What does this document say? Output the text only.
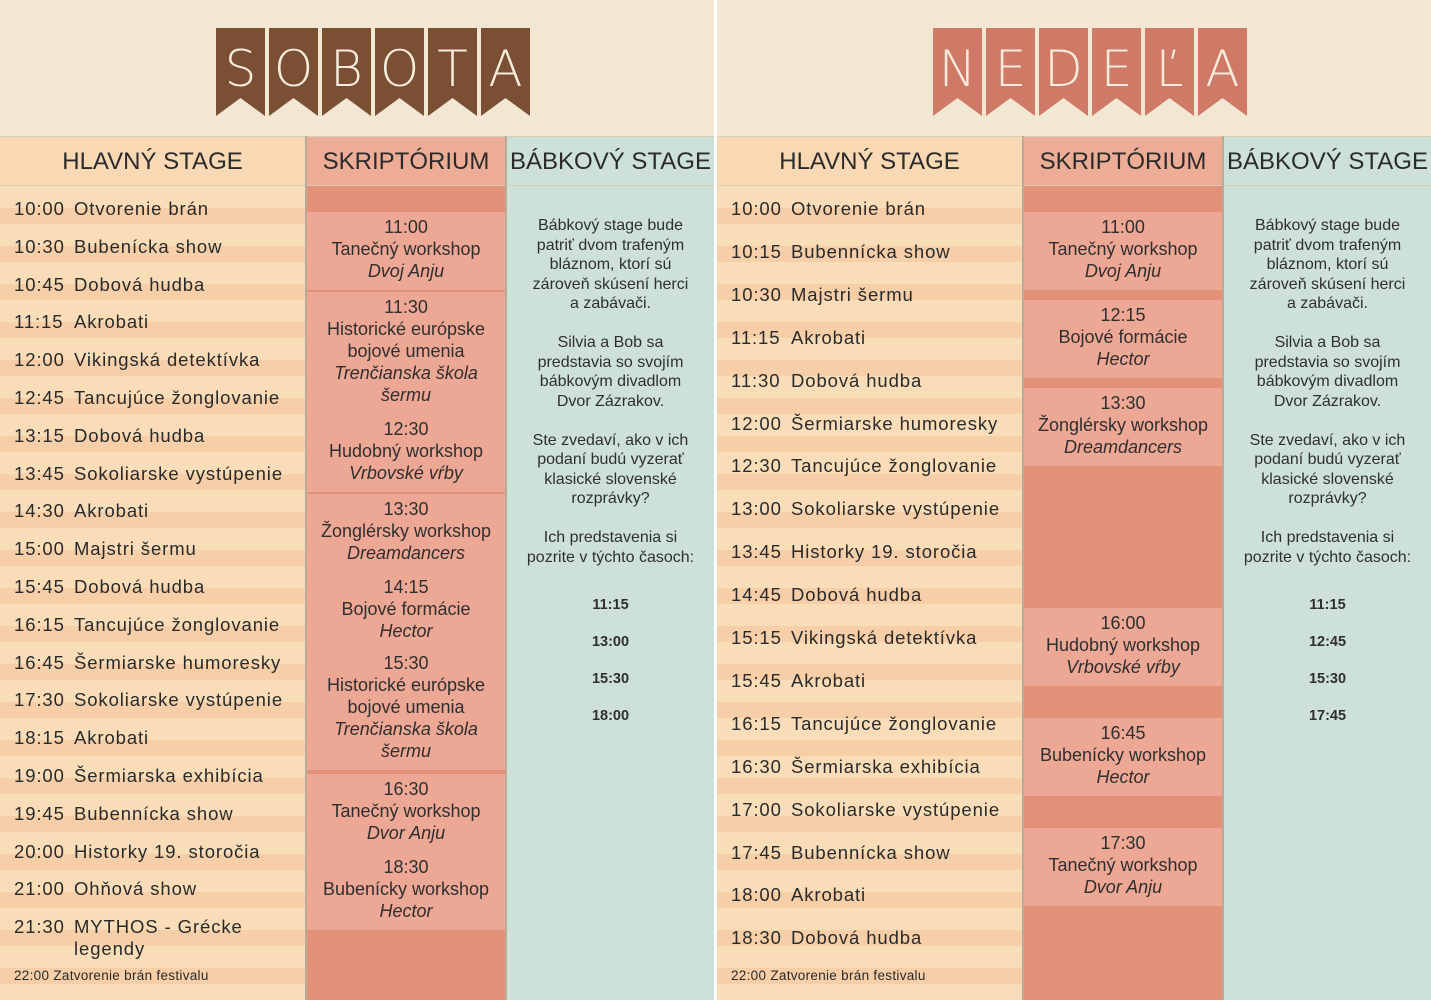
S O B O T A
HLAVNÝ STAGE	SKRIPTÓRIUM BÁBKOVÝ STAGE
10:00 Otvorenie brán
10:30 Bubenícka show
10:45 Dobová hudba
11:15 Akrobati
12:00 Vikingská detektívka
12:45 Tancujúce žonglovanie
13:15 Dobová hudba
13:45 Sokoliarske vystúpenie
14:30 Akrobati
15:00 Majstri šermu
15:45 Dobová hudba
16:15 Tancujúce žonglovanie
16:45 Šermiarske humoresky
17:30 Sokoliarske vystúpenie
18:15 Akrobati
19:00 Šermiarska exhibícia
19:45 Bubennícka show
20:00 Historky 19. storočia
21:00 Ohňová show
21:30 MYTHOS - Grécke
legendy
22:00 Zatvorenie brán festivalu
11:00
Tanečný workshop
Dvoj Anju
11:30
Historické európske
bojové umenia
Trenčianska škola
šermu
12:30
Hudobný workshop
Vrbovské vŕby
13:30
Žonglérsky workshop
Dreamdancers
14:15
Bojové formácie
Hector
15:30
Historické európske
bojové umenia
Trenčianska škola
šermu
16:30
Tanečný workshop
Dvor Anju
18:30
Bubenícky workshop
Hector

Bábkový stage bude
patriť dvom trafeným
bláznom, ktorí sú
zároveň skúsení herci
a zabávači.

Silvia a Bob sa
predstavia so svojím
bábkovým divadlom
Dvor Zázrakov.

Ste zvedaví, ako v ich
podaní budú vyzerať
klasické slovenské
rozprávky?

Ich predstavenia si
pozrite v týchto časoch:

11:15
13:00
15:30
18:00
N E D E Ľ A
HLAVNÝ STAGE	SKRIPTÓRIUM BÁBKOVÝ STAGE
10:00 Otvorenie brán
10:15 Bubennícka show
10:30 Majstri šermu
11:15 Akrobati
11:30 Dobová hudba
12:00 Šermiarske humoresky
12:30 Tancujúce žonglovanie
13:00 Sokoliarske vystúpenie
13:45 Historky 19. storočia
14:45 Dobová hudba
15:15 Vikingská detektívka
15:45 Akrobati
16:15 Tancujúce žonglovanie
16:30 Šermiarska exhibícia
17:00 Sokoliarske vystúpenie
17:45 Bubennícka show
18:00 Akrobati
18:30 Dobová hudba
22:00 Zatvorenie brán festivalu
11:00
Tanečný workshop
Dvoj Anju
12:15
Bojové formácie
Hector
13:30
Žonglérsky workshop
Dreamdancers
16:00
Hudobný workshop
Vrbovské vŕby
16:45
Bubenícky workshop
Hector
17:30
Tanečný workshop
Dvor Anju

Bábkový stage bude
patriť dvom trafeným
bláznom, ktorí sú
zároveň skúsení herci
a zabávači.

Silvia a Bob sa
predstavia so svojím
bábkovým divadlom
Dvor Zázrakov.

Ste zvedaví, ako v ich
podaní budú vyzerať
klasické slovenské
rozprávky?

Ich predstavenia si
pozrite v týchto časoch:

11:15
12:45
15:30
17:45
